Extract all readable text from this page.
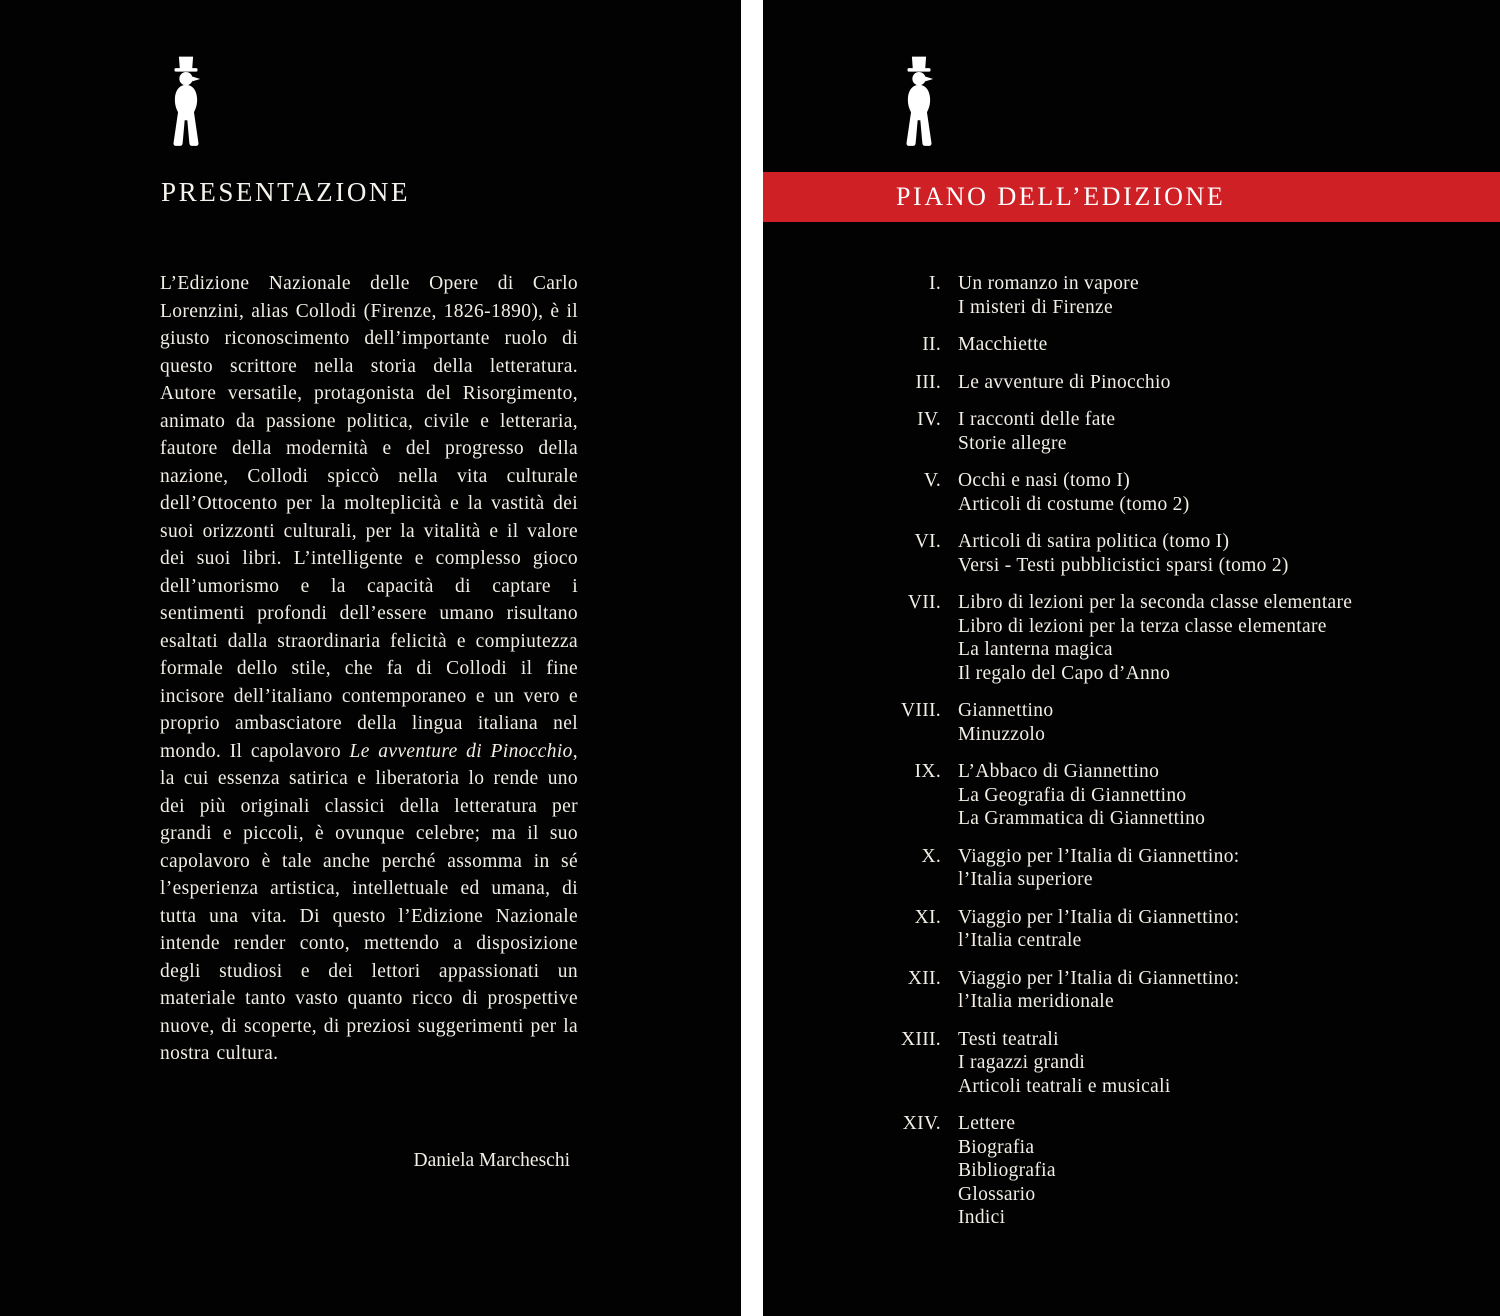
PRESENTAZIONE

L’Edizione Nazionale delle Opere di Carlo Lorenzini, alias Collodi (Firenze, 1826-1890), è il giusto riconoscimento dell’importante ruolo di questo scrittore nella storia della letteratura. Autore versatile, protagonista del Risorgimento, animato da passione politica, civile e letteraria, fautore della modernità e del progresso della nazione, Collodi spiccò nella vita culturale dell’Ottocento per la molteplicità e la vastità dei suoi orizzonti culturali, per la vitalità e il valore dei suoi libri. L’intelligente e complesso gioco dell’umorismo e la capacità di captare i sentimenti profondi dell’essere umano risultano esaltati dalla straordinaria felicità e compiutezza formale dello stile, che fa di Collodi il fine incisore dell’italiano contemporaneo e un vero e proprio ambasciatore della lingua italiana nel mondo. Il capolavoro Le avventure di Pinocchio, la cui essenza satirica e liberatoria lo rende uno dei più originali classici della letteratura per grandi e piccoli, è ovunque celebre; ma il suo capolavoro è tale anche perché assomma in sé l’esperienza artistica, intellettuale ed umana, di tutta una vita. Di questo l’Edizione Nazionale intende render conto, mettendo a disposizione degli studiosi e dei lettori appassionati un materiale tanto vasto quanto ricco di prospettive nuove, di scoperte, di preziosi suggerimenti per la nostra cultura.

Daniela Marcheschi
PIANO DELL’EDIZIONE
I. Un romanzo in vapore
I misteri di Firenze
II. Macchiette
III. Le avventure di Pinocchio
IV. I racconti delle fate
Storie allegre
V. Occhi e nasi (tomo I)
Articoli di costume (tomo 2)
VI. Articoli di satira politica (tomo I)
Versi - Testi pubblicistici sparsi (tomo 2)
VII. Libro di lezioni per la seconda classe elementare
Libro di lezioni per la terza classe elementare
La lanterna magica
Il regalo del Capo d’Anno
VIII. Giannettino
Minuzzolo
IX. L’Abbaco di Giannettino
La Geografia di Giannettino
La Grammatica di Giannettino
X. Viaggio per l’Italia di Giannettino:
l’Italia superiore
XI. Viaggio per l’Italia di Giannettino:
l’Italia centrale
XII. Viaggio per l’Italia di Giannettino:
l’Italia meridionale
XIII. Testi teatrali
I ragazzi grandi
Articoli teatrali e musicali
XIV. Lettere
Biografia
Bibliografia
Glossario
Indici
